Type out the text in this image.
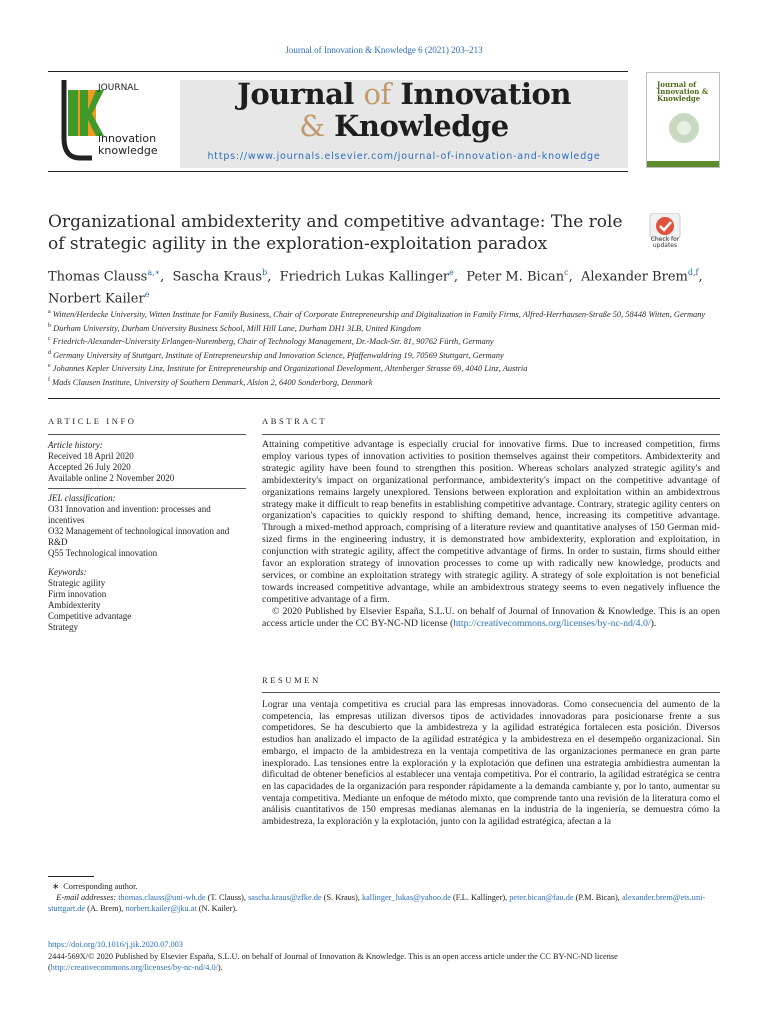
Journal of Innovation & Knowledge 6 (2021) 203–213
JOURNAL
innovation
knowledge
Journal of Innovation
& Knowledge
https://www.journals.elsevier.com/journal-of-innovation-and-knowledge
Journal of Innovation & Knowledge
Organizational ambidexterity and competitive advantage: The role of strategic agility in the exploration-exploitation paradox	Check for updates
Thomas Clauss$^{a,∗}$,  Sascha Kraus$^b$,  Friedrich Lukas Kallinger$^e$,  Peter M. Bican$^c$,  Alexander Brem$^{d,f}$,
Norbert Kailer$^e$
$^a$ Witten/Herdecke University, Witten Institute for Family Business, Chair of Corporate Entrepreneurship and Digitalization in Family Firms, Alfred-Herrhausen-Straße 50, 58448 Witten, Germany
$^b$ Durham University, Durham University Business School, Mill Hill Lane, Durham DH1 3LB, United Kingdom
$^c$ Friedrich-Alexander-University Erlangen-Nuremberg, Chair of Technology Management, Dr.-Mack-Str. 81, 90762 Fürth, Germany
$^d$ Germany University of Stuttgart, Institute of Entrepreneurship and Innovation Science, Pfaffenwaldring 19, 70569 Stuttgart, Germany
$^e$ Johannes Kepler University Linz, Institute for Entrepreneurship and Organizational Development, Altenberger Strasse 69, 4040 Linz, Austria
$^f$ Mads Clausen Institute, University of Southern Denmark, Alsion 2, 6400 Sonderborg, Denmark
ARTICLE INFO
Article history:
Received 18 April 2020
Accepted 26 July 2020
Available online 2 November 2020
JEL classification:
O31 Innovation and invention: processes and incentives
O32 Management of technological innovation and R&D
Q55 Technological innovation
Keywords:
Strategic agility
Firm innovation
Ambidexterity
Competitive advantage
Strategy
ABSTRACT
Attaining competitive advantage is especially crucial for innovative firms. Due to increased competition, firms employ various types of innovation activities to position themselves against their competitors. Ambidexterity and strategic agility have been found to strengthen this position. Whereas scholars analyzed strategic agility's and ambidexterity's impact on organizational performance, ambidexterity's impact on the competitive advantage of organizations remains largely unexplored. Tensions between exploration and exploitation within an ambidextrous strategy make it difficult to reap benefits in establishing competitive advantage. Contrary, strategic agility centers on organization's capacities to quickly respond to shifting demand, hence, increasing its competitive advantage. Through a mixed-method approach, comprising of a literature review and quantitative analyses of 150 German mid-sized firms in the engineering industry, it is demonstrated how ambidexterity, exploration and exploitation, in conjunction with strategic agility, affect the competitive advantage of firms. In order to sustain, firms should either favor an exploration strategy of innovation processes to come up with radically new knowledge, products and services, or combine an exploitation strategy with strategic agility. A strategy of sole exploitation is not beneficial towards increased competitive advantage, while an ambidextrous strategy seems to even negatively influence the competitive advantage of a firm.
© 2020 Published by Elsevier España, S.L.U. on behalf of Journal of Innovation & Knowledge. This is an open access article under the CC BY-NC-ND license (http://creativecommons.org/licenses/by-nc-nd/4.0/).
RESUMEN
Lograr una ventaja competitiva es crucial para las empresas innovadoras. Como consecuencia del aumento de la competencia, las empresas utilizan diversos tipos de actividades innovadoras para posicionarse frente a sus competidores. Se ha descubierto que la ambidestreza y la agilidad estratégica fortalecen esta posición. Diversos estudios han analizado el impacto de la agilidad estratégica y la ambidestreza en el desempeño organizacional. Sin embargo, el impacto de la ambidestreza en la ventaja competitiva de las organizaciones permanece en gran parte inexplorado. Las tensiones entre la exploración y la explotación que definen una estrategia ambidiestra aumentan la dificultad de obtener beneficios al establecer una ventaja competitiva. Por el contrario, la agilidad estratégica se centra en las capacidades de la organización para responder rápidamente a la demanda cambiante y, por lo tanto, aumentar su ventaja competitiva. Mediante un enfoque de método mixto, que comprende tanto una revisión de la literatura como el análisis cuantitativos de 150 empresas medianas alemanas en la industria de la ingeniería, se demuestra cómo la ambidestreza, la exploración y la explotación, junto con la agilidad estratégica, afectan a la
∗ Corresponding author.
E-mail addresses: thomas.clauss@uni-wh.de (T. Clauss), sascha.kraus@zfke.de (S. Kraus), kallinger_lukas@yahoo.de (F.L. Kallinger), peter.bican@fau.de (P.M. Bican), alexander.brem@ets.uni-stuttgart.de (A. Brem), norbert.kailer@jku.at (N. Kailer).
https://doi.org/10.1016/j.jik.2020.07.003
2444-569X/© 2020 Published by Elsevier España, S.L.U. on behalf of Journal of Innovation & Knowledge. This is an open access article under the CC BY-NC-ND license (http://creativecommons.org/licenses/by-nc-nd/4.0/).
